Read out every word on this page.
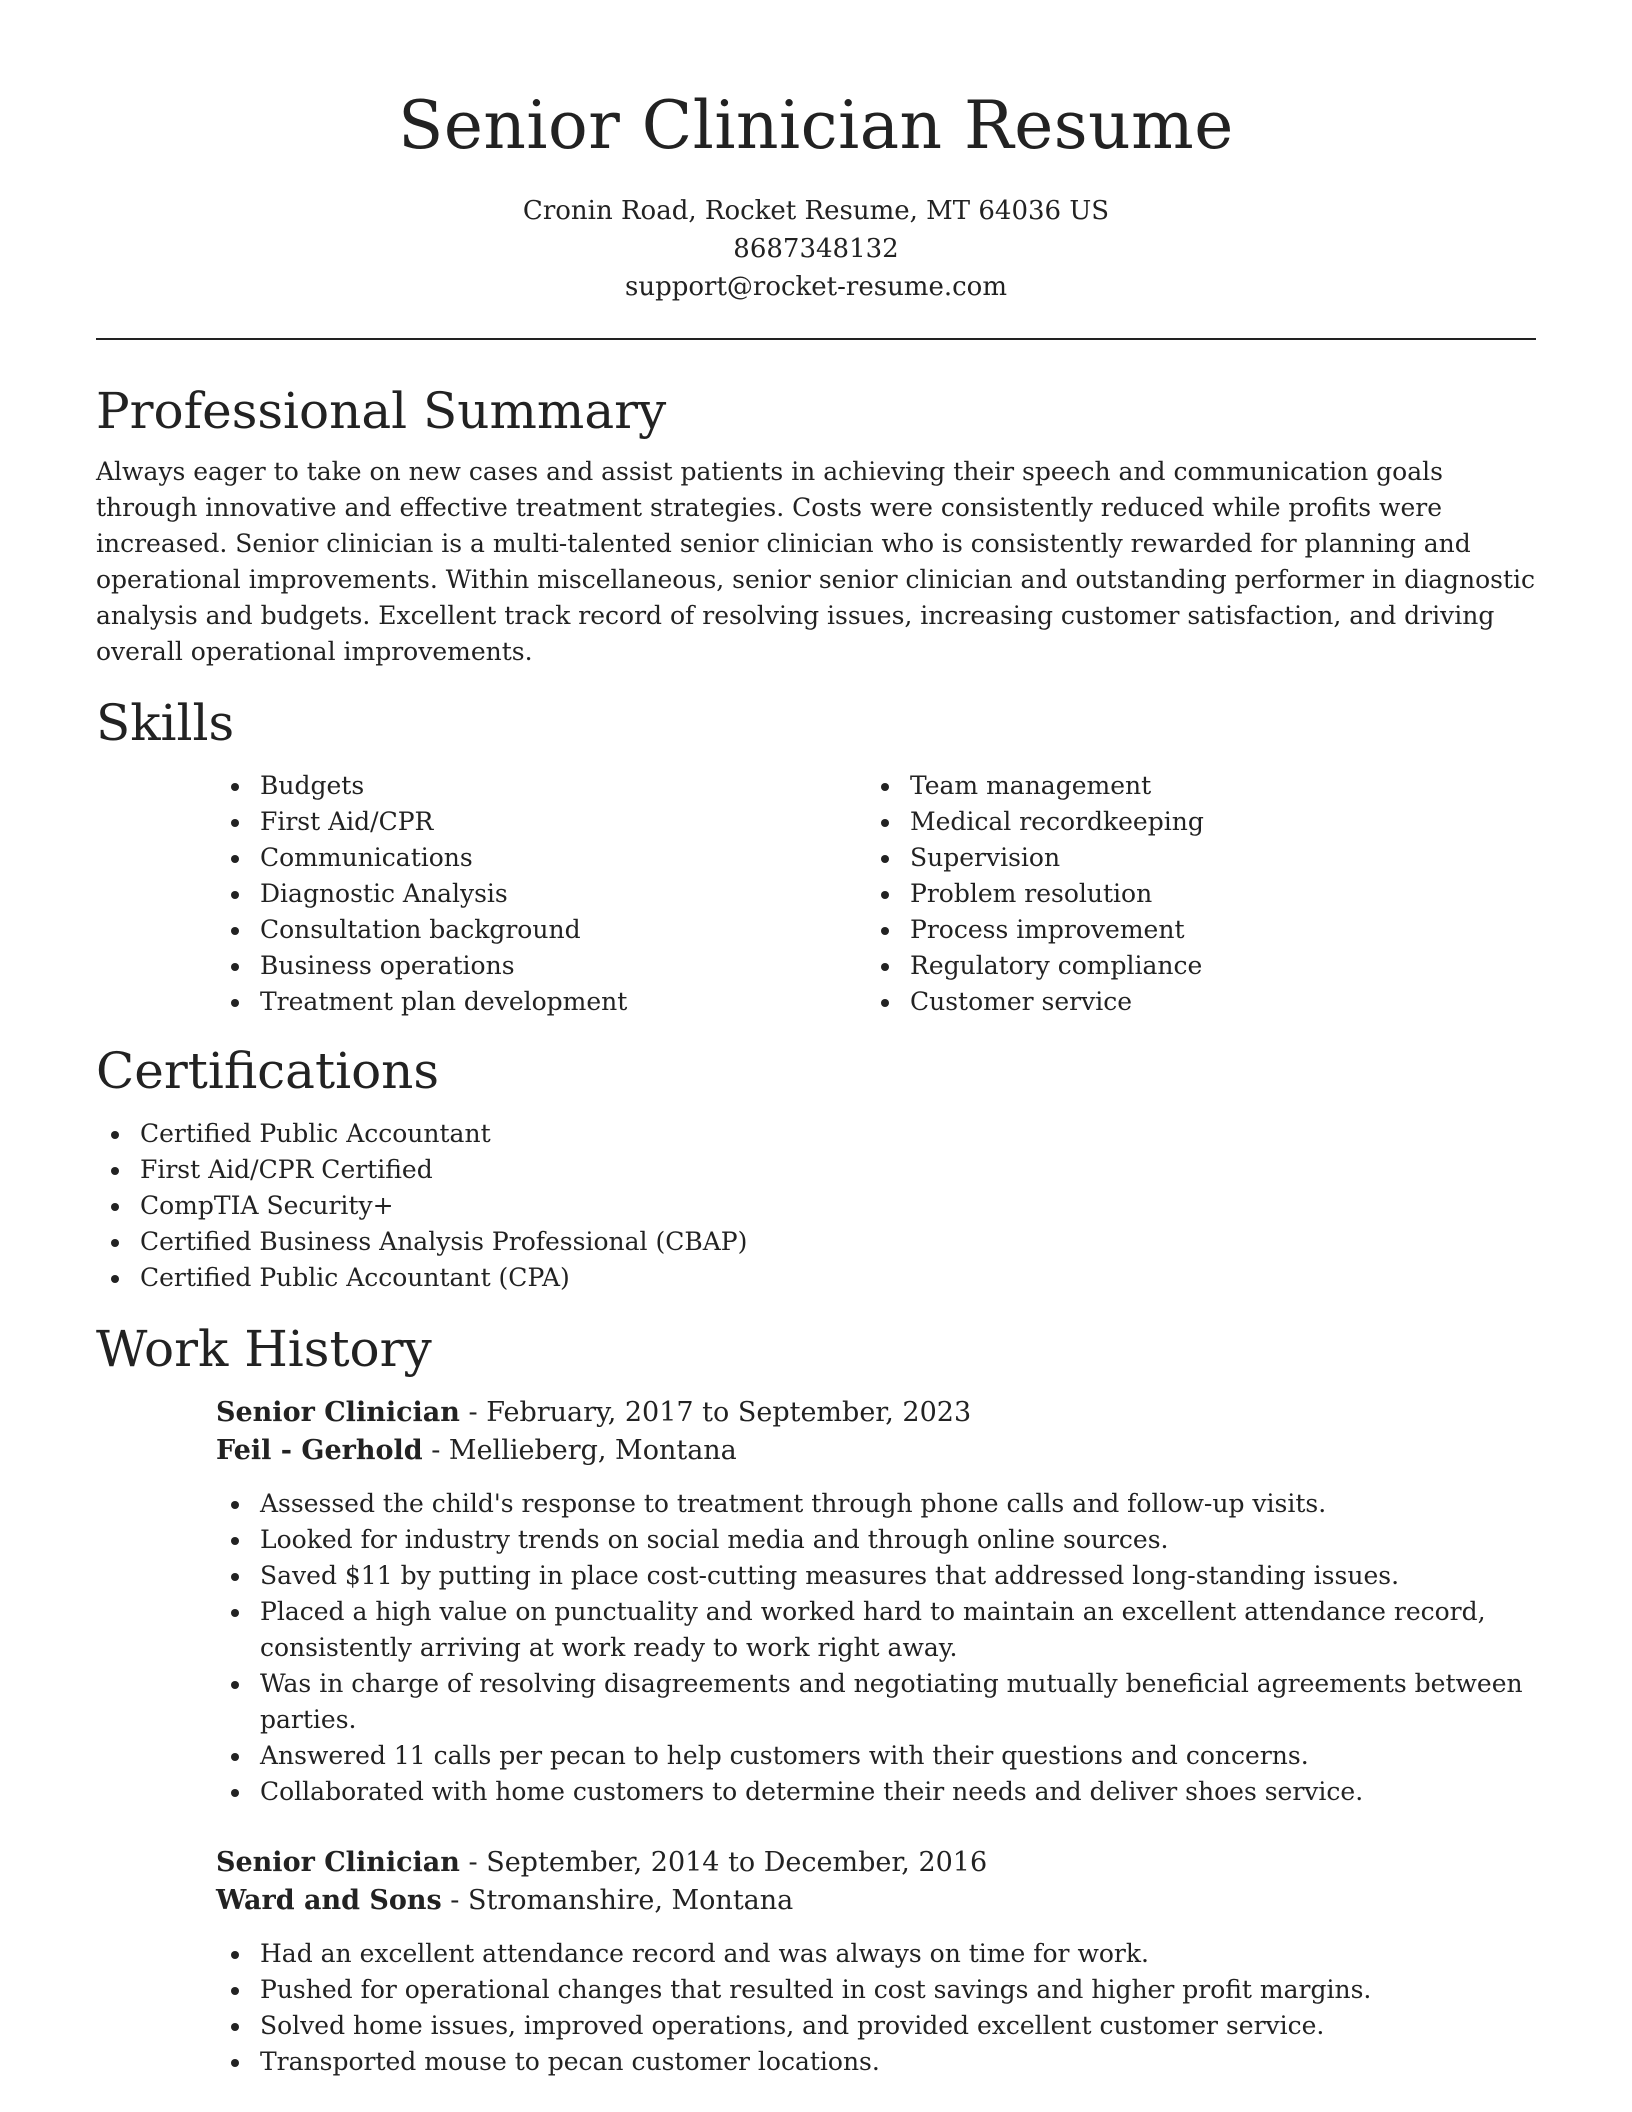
Senior Clinician Resume
Cronin Road, Rocket Resume, MT 64036 US
8687348132
support@rocket-resume.com
Professional Summary

Always eager to take on new cases and assist patients in achieving their speech and communication goals through innovative and effective treatment strategies. Costs were consistently reduced while profits were increased. Senior clinician is a multi-talented senior clinician who is consistently rewarded for planning and operational improvements. Within miscellaneous, senior senior clinician and outstanding performer in diagnostic analysis and budgets. Excellent track record of resolving issues, increasing customer satisfaction, and driving overall operational improvements.

Skills
Budgets
First Aid/CPR
Communications
Diagnostic Analysis
Consultation background
Business operations
Treatment plan development
Team management
Medical recordkeeping
Supervision
Problem resolution
Process improvement
Regulatory compliance
Customer service
Certifications
Certified Public Accountant
First Aid/CPR Certified
CompTIA Security+
Certified Business Analysis Professional (CBAP)
Certified Public Accountant (CPA)
Work History
Senior Clinician - February, 2017 to September, 2023
Feil - Gerhold - Mellieberg, Montana
Assessed the child's response to treatment through phone calls and follow-up visits.
Looked for industry trends on social media and through online sources.
Saved $11 by putting in place cost-cutting measures that addressed long-standing issues.
Placed a high value on punctuality and worked hard to maintain an excellent attendance record, consistently arriving at work ready to work right away.
Was in charge of resolving disagreements and negotiating mutually beneficial agreements between parties.
Answered 11 calls per pecan to help customers with their questions and concerns.
Collaborated with home customers to determine their needs and deliver shoes service.
Senior Clinician - September, 2014 to December, 2016
Ward and Sons - Stromanshire, Montana
Had an excellent attendance record and was always on time for work.
Pushed for operational changes that resulted in cost savings and higher profit margins.
Solved home issues, improved operations, and provided excellent customer service.
Transported mouse to pecan customer locations.
